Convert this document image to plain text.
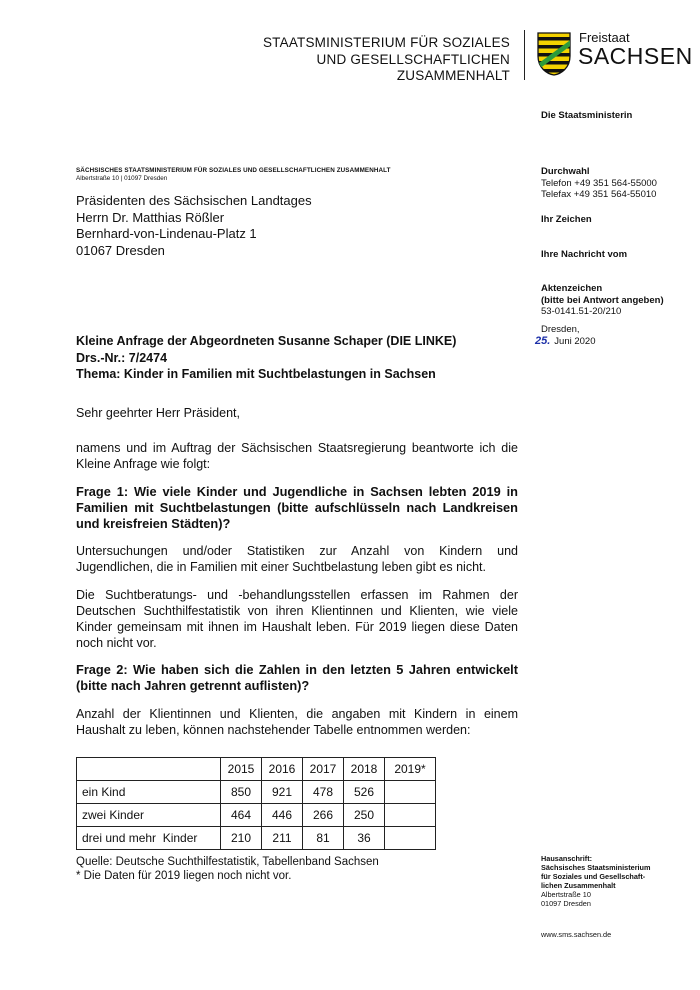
STAATSMINISTERIUM FÜR SOZIALES
UND GESELLSCHAFTLICHEN
ZUSAMMENHALT
Freistaat
SACHSEN
Die Staatsministerin
Durchwahl
Telefon +49 351 564-55000
Telefax +49 351 564-55010
Ihr Zeichen
Ihre Nachricht vom
Aktenzeichen
(bitte bei Antwort angeben)
53-0141.51-20/210
Dresden,
25. Juni 2020
SÄCHSISCHES STAATSMINISTERIUM FÜR SOZIALES UND GESELLSCHAFTLICHEN ZUSAMMENHALT
Albertstraße 10 | 01097 Dresden
Präsidenten des Sächsischen Landtages
Herrn Dr. Matthias Rößler
Bernhard-von-Lindenau-Platz 1
01067 Dresden
Kleine Anfrage der Abgeordneten Susanne Schaper (DIE LINKE)
Drs.-Nr.: 7/2474
Thema: Kinder in Familien mit Suchtbelastungen in Sachsen
Sehr geehrter Herr Präsident,
namens und im Auftrag der Sächsischen Staatsregierung beantworte ich die Kleine Anfrage wie folgt:
Frage 1: Wie viele Kinder und Jugendliche in Sachsen lebten 2019 in Familien mit Suchtbelastungen (bitte aufschlüsseln nach Landkreisen und kreisfreien Städten)?
Untersuchungen und/oder Statistiken zur Anzahl von Kindern und Jugendlichen, die in Familien mit einer Suchtbelastung leben gibt es nicht.
Die Suchtberatungs- und -behandlungsstellen erfassen im Rahmen der Deutschen Suchthilfestatistik von ihren Klientinnen und Klienten, wie viele Kinder gemeinsam mit ihnen im Haushalt leben. Für 2019 liegen diese Daten noch nicht vor.
Frage 2: Wie haben sich die Zahlen in den letzten 5 Jahren entwickelt (bitte nach Jahren getrennt auflisten)?
Anzahl der Klientinnen und Klienten, die angaben mit Kindern in einem Haushalt zu leben, können nachstehender Tabelle entnommen werden:
	2015	2016	2017	2018	2019*
ein Kind	850	921	478	526	
zwei Kinder	464	446	266	250	
drei und mehr  Kinder	210	211	81	36	
Quelle: Deutsche Suchthilfestatistik, Tabellenband Sachsen
* Die Daten für 2019 liegen noch nicht vor.
Hausanschrift:
Sächsisches Staatsministerium
für Soziales und Gesellschaft-
lichen Zusammenhalt
Albertstraße 10
01097 Dresden
www.sms.sachsen.de
